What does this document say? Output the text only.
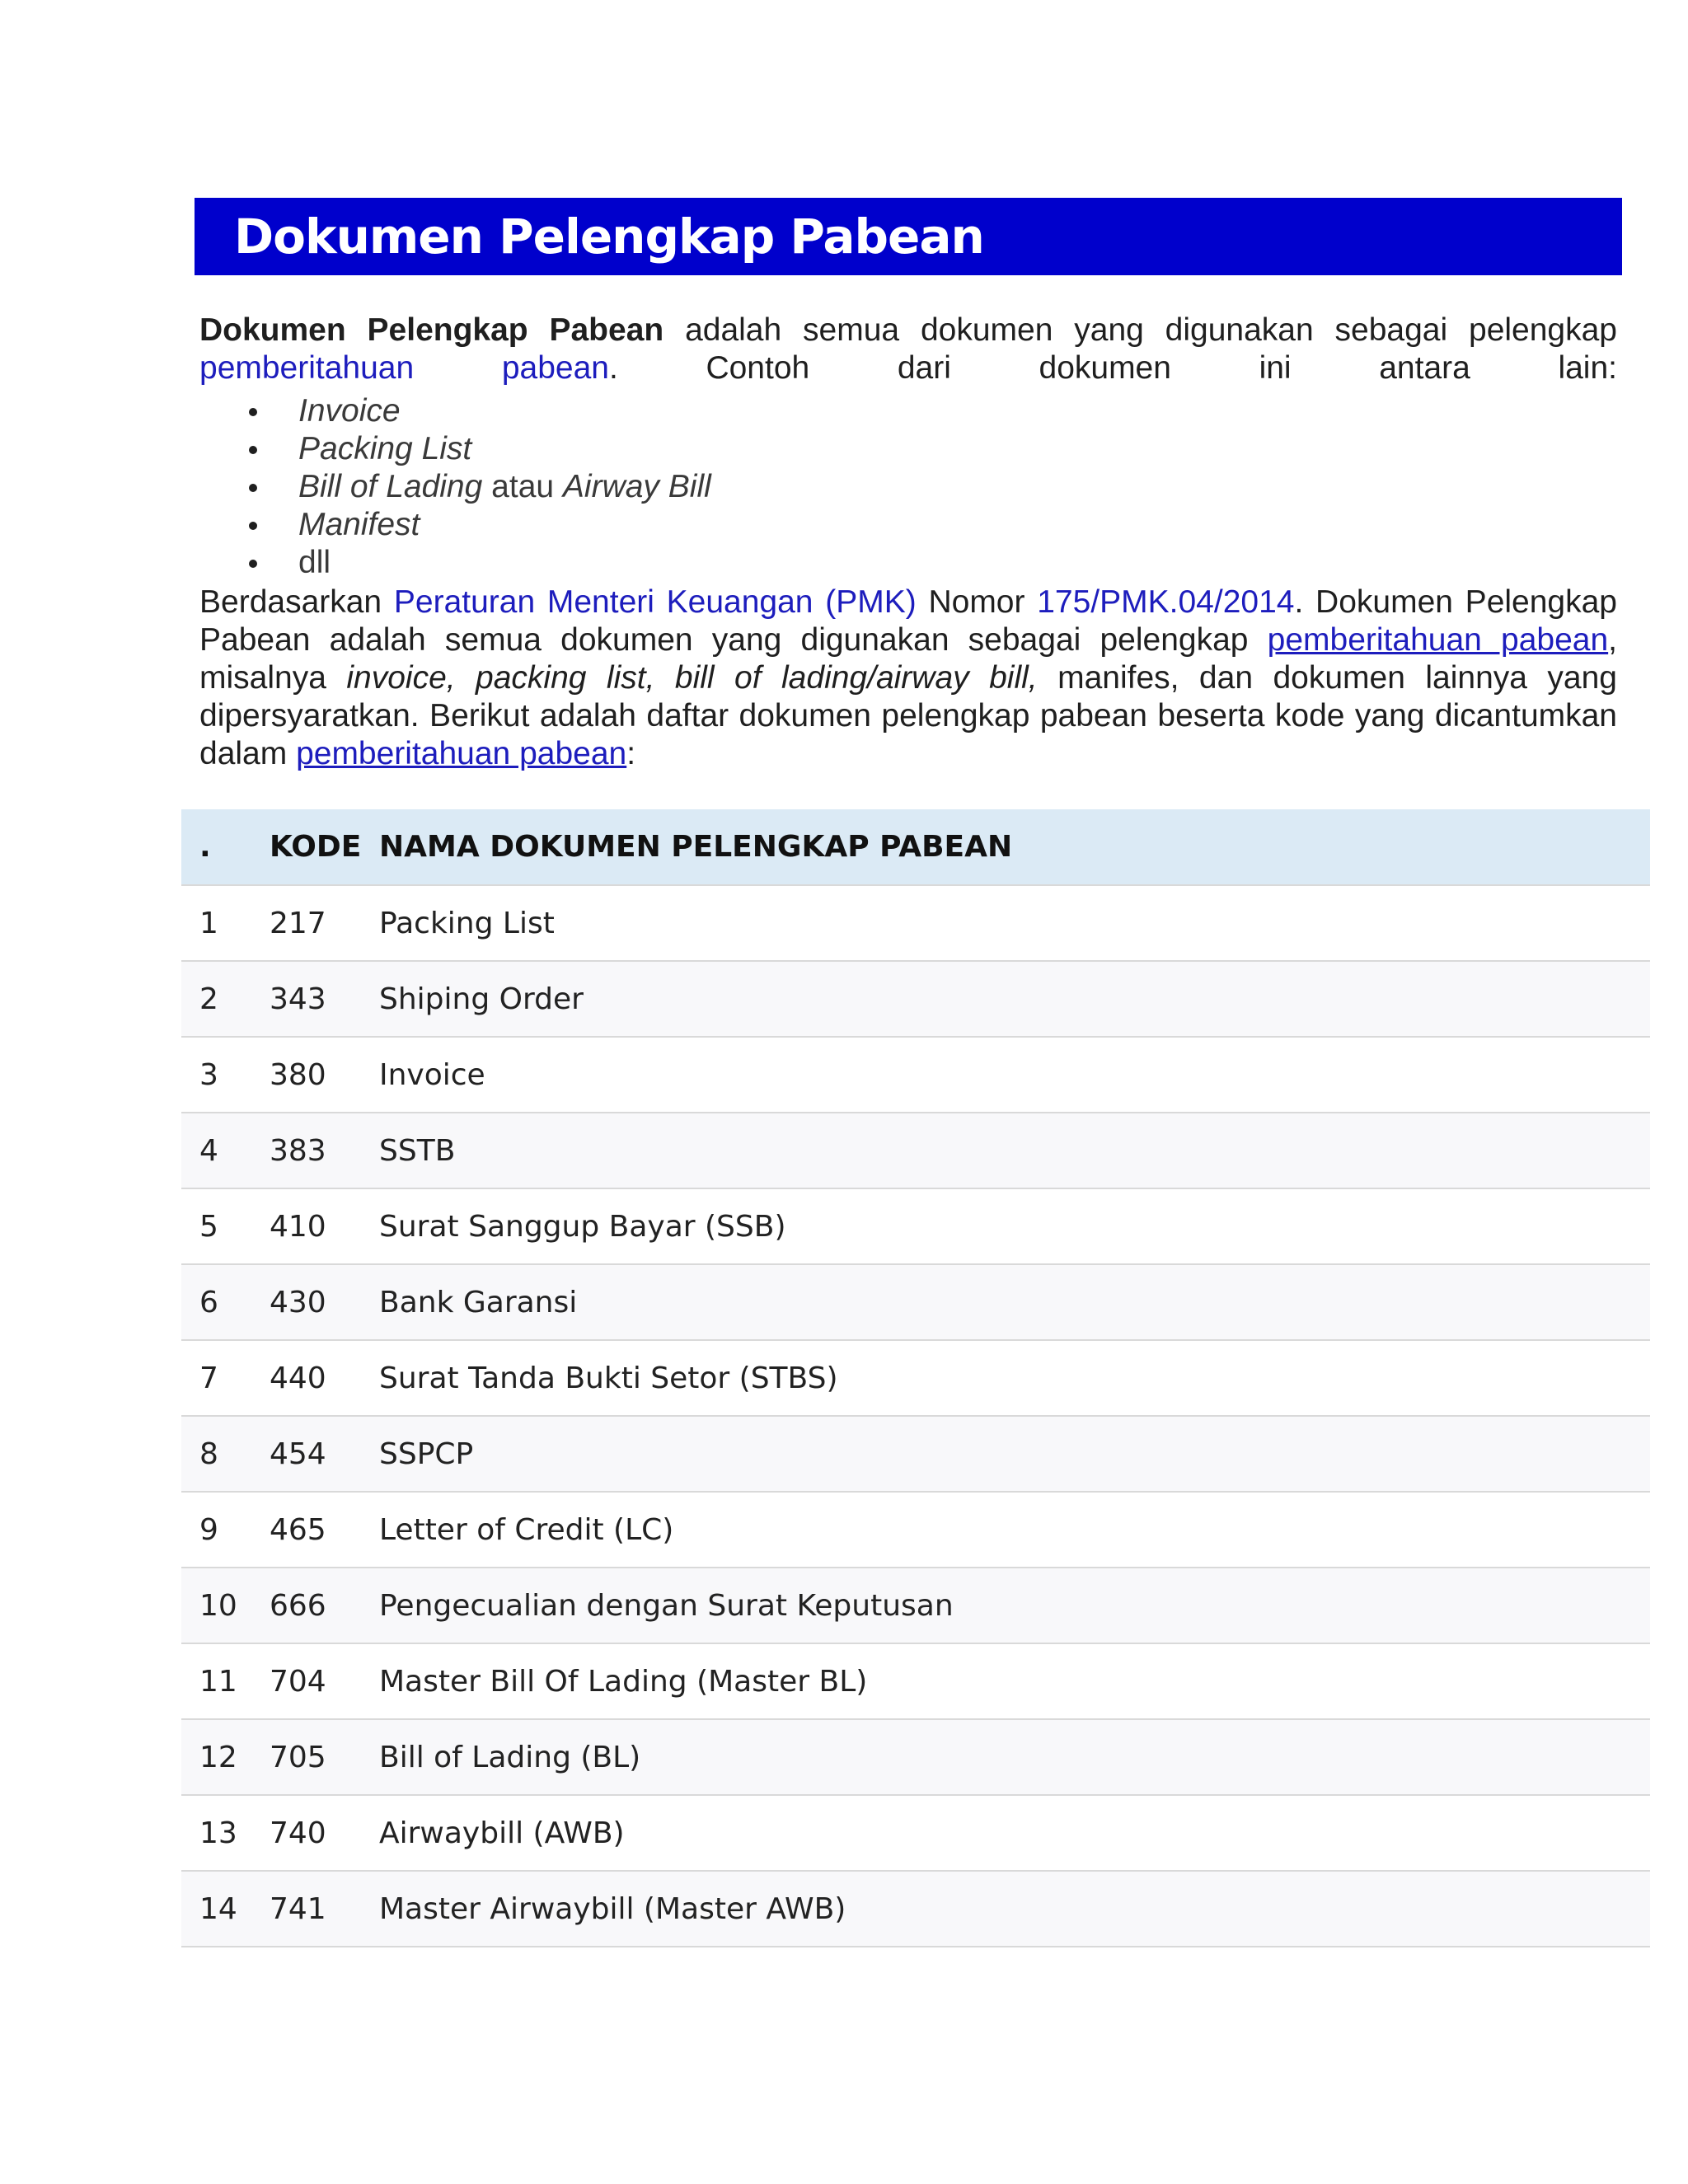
Dokumen Pelengkap Pabean
Dokumen Pelengkap Pabean adalah semua dokumen yang digunakan sebagai pelengkap pemberitahuan pabean. Contoh dari dokumen ini antara lain:
Invoice
Packing List
Bill of Lading atau Airway Bill
Manifest
dll
Berdasarkan Peraturan Menteri Keuangan (PMK) Nomor 175/PMK.04/2014. Dokumen Pelengkap Pabean adalah semua dokumen yang digunakan sebagai pelengkap pemberitahuan pabean, misalnya invoice, packing list, bill of lading/airway bill, manifes, dan dokumen lainnya yang dipersyaratkan. Berikut adalah daftar dokumen pelengkap pabean beserta kode yang dicantumkan dalam pemberitahuan pabean:
.	KODE	NAMA DOKUMEN PELENGKAP PABEAN
1	217	Packing List
2	343	Shiping Order
3	380	Invoice
4	383	SSTB
5	410	Surat Sanggup Bayar (SSB)
6	430	Bank Garansi
7	440	Surat Tanda Bukti Setor (STBS)
8	454	SSPCP
9	465	Letter of Credit (LC)
10	666	Pengecualian dengan Surat Keputusan
11	704	Master Bill Of Lading (Master BL)
12	705	Bill of Lading (BL)
13	740	Airwaybill (AWB)
14	741	Master Airwaybill (Master AWB)
